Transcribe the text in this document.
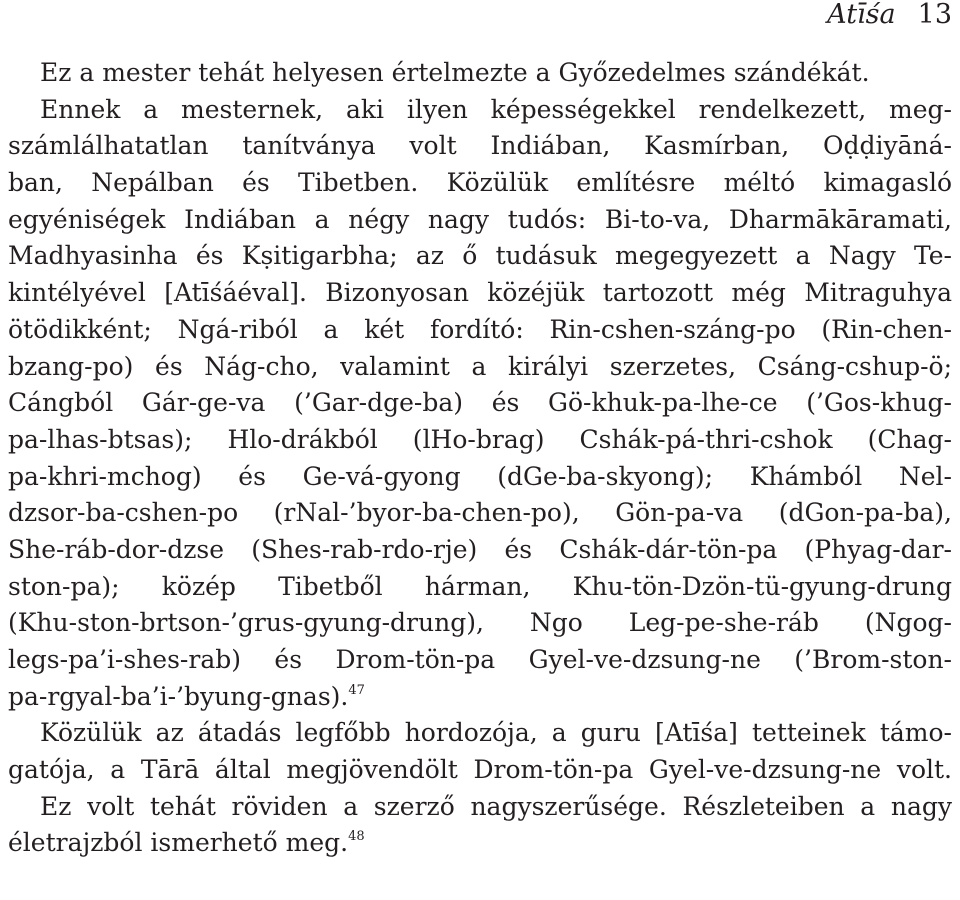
Atīśa 13
Ez a mester tehát helyesen értelmezte a Győzedelmes szándékát.
Ennek a mesternek, aki ilyen képességekkel rendelkezett, meg-
számlálhatatlan tanítványa volt Indiában, Kasmírban, Oḍḍiyāná-
ban, Nepálban és Tibetben. Közülük említésre méltó kimagasló
egyéniségek Indiában a négy nagy tudós: Bi-to-va, Dharmākāramati,
Madhyasinha és Kṣitigarbha; az ő tudásuk megegyezett a Nagy Te-
kintélyével [Atīśáéval]. Bizonyosan közéjük tartozott még Mitraguhya
ötödikként; Ngá-riból a két fordító: Rin-cshen-száng-po (Rin-chen-
bzang-po) és Nág-cho, valamint a királyi szerzetes, Csáng-cshup-ö;
Cángból Gár-ge-va (’Gar-dge-ba) és Gö-khuk-pa-lhe-ce (’Gos-khug-
pa-lhas-btsas); Hlo-drákból (lHo-brag) Cshák-pá-thri-cshok (Chag-
pa-khri-mchog) és Ge-vá-gyong (dGe-ba-skyong); Khámból Nel-
dzsor-ba-cshen-po (rNal-’byor-ba-chen-po), Gön-pa-va (dGon-pa-ba),
She-ráb-dor-dzse (Shes-rab-rdo-rje) és Cshák-dár-tön-pa (Phyag-dar-
ston-pa); közép Tibetből hárman, Khu-tön-Dzön-tü-gyung-drung
(Khu-ston-brtson-’grus-gyung-drung), Ngo Leg-pe-she-ráb (Ngog-
legs-pa’i-shes-rab) és Drom-tön-pa Gyel-ve-dzsung-ne (’Brom-ston-
pa-rgyal-ba’i-’byung-gnas).$^{47}$
Közülük az átadás legfőbb hordozója, a guru [Atīśa] tetteinek támo-
gatója, a Tārā által megjövendölt Drom-tön-pa Gyel-ve-dzsung-ne volt.
Ez volt tehát röviden a szerző nagyszerűsége. Részleteiben a nagy
életrajzból ismerhető meg.$^{48}$
